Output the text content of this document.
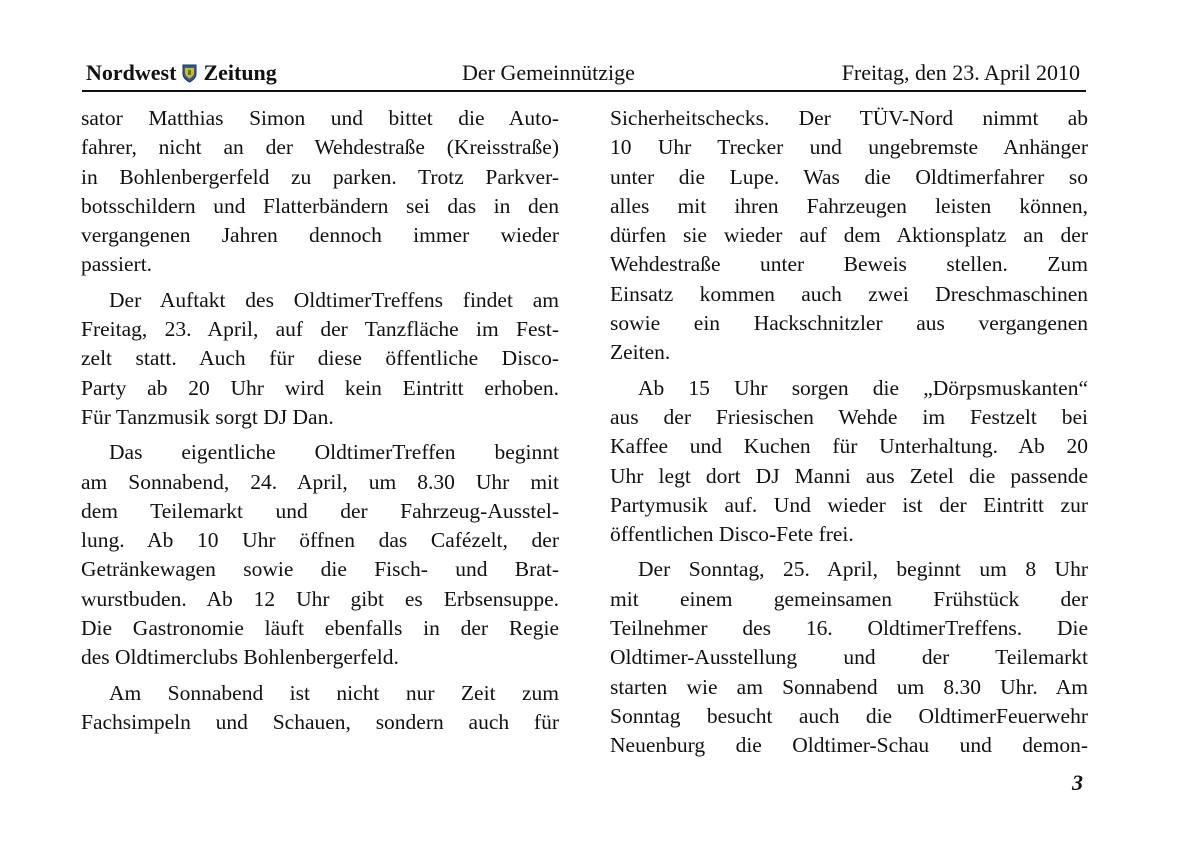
Nordwest Zeitung	Der Gemeinnützige	Freitag, den 23. April 2010
sator Matthias Simon und bittet die Auto-
fahrer, nicht an der Wehdestraße (Kreisstraße)
in Bohlenbergerfeld zu parken. Trotz Parkver-
botsschildern und Flatterbändern sei das in den
vergangenen Jahren dennoch immer wieder
passiert.
Der Auftakt des OldtimerTreffens findet am
Freitag, 23. April, auf der Tanzfläche im Fest-
zelt statt. Auch für diese öffentliche Disco-
Party ab 20 Uhr wird kein Eintritt erhoben.
Für Tanzmusik sorgt DJ Dan.
Das eigentliche OldtimerTreffen beginnt
am Sonnabend, 24. April, um 8.30 Uhr mit
dem Teilemarkt und der Fahrzeug-Ausstel-
lung. Ab 10 Uhr öffnen das Cafézelt, der
Getränkewagen sowie die Fisch- und Brat-
wurstbuden. Ab 12 Uhr gibt es Erbsensuppe.
Die Gastronomie läuft ebenfalls in der Regie
des Oldtimerclubs Bohlenbergerfeld.
Am Sonnabend ist nicht nur Zeit zum
Fachsimpeln und Schauen, sondern auch für
Sicherheitschecks. Der TÜV-Nord nimmt ab
10 Uhr Trecker und ungebremste Anhänger
unter die Lupe. Was die Oldtimerfahrer so
alles mit ihren Fahrzeugen leisten können,
dürfen sie wieder auf dem Aktionsplatz an der
Wehdestraße unter Beweis stellen. Zum
Einsatz kommen auch zwei Dreschmaschinen
sowie ein Hackschnitzler aus vergangenen
Zeiten.
Ab 15 Uhr sorgen die „Dörpsmuskanten“
aus der Friesischen Wehde im Festzelt bei
Kaffee und Kuchen für Unterhaltung. Ab 20
Uhr legt dort DJ Manni aus Zetel die passende
Partymusik auf. Und wieder ist der Eintritt zur
öffentlichen Disco-Fete frei.
Der Sonntag, 25. April, beginnt um 8 Uhr
mit einem gemeinsamen Frühstück der
Teilnehmer des 16. OldtimerTreffens. Die
Oldtimer-Ausstellung und der Teilemarkt
starten wie am Sonnabend um 8.30 Uhr. Am
Sonntag besucht auch die OldtimerFeuerwehr
Neuenburg die Oldtimer-Schau und demon-
3
